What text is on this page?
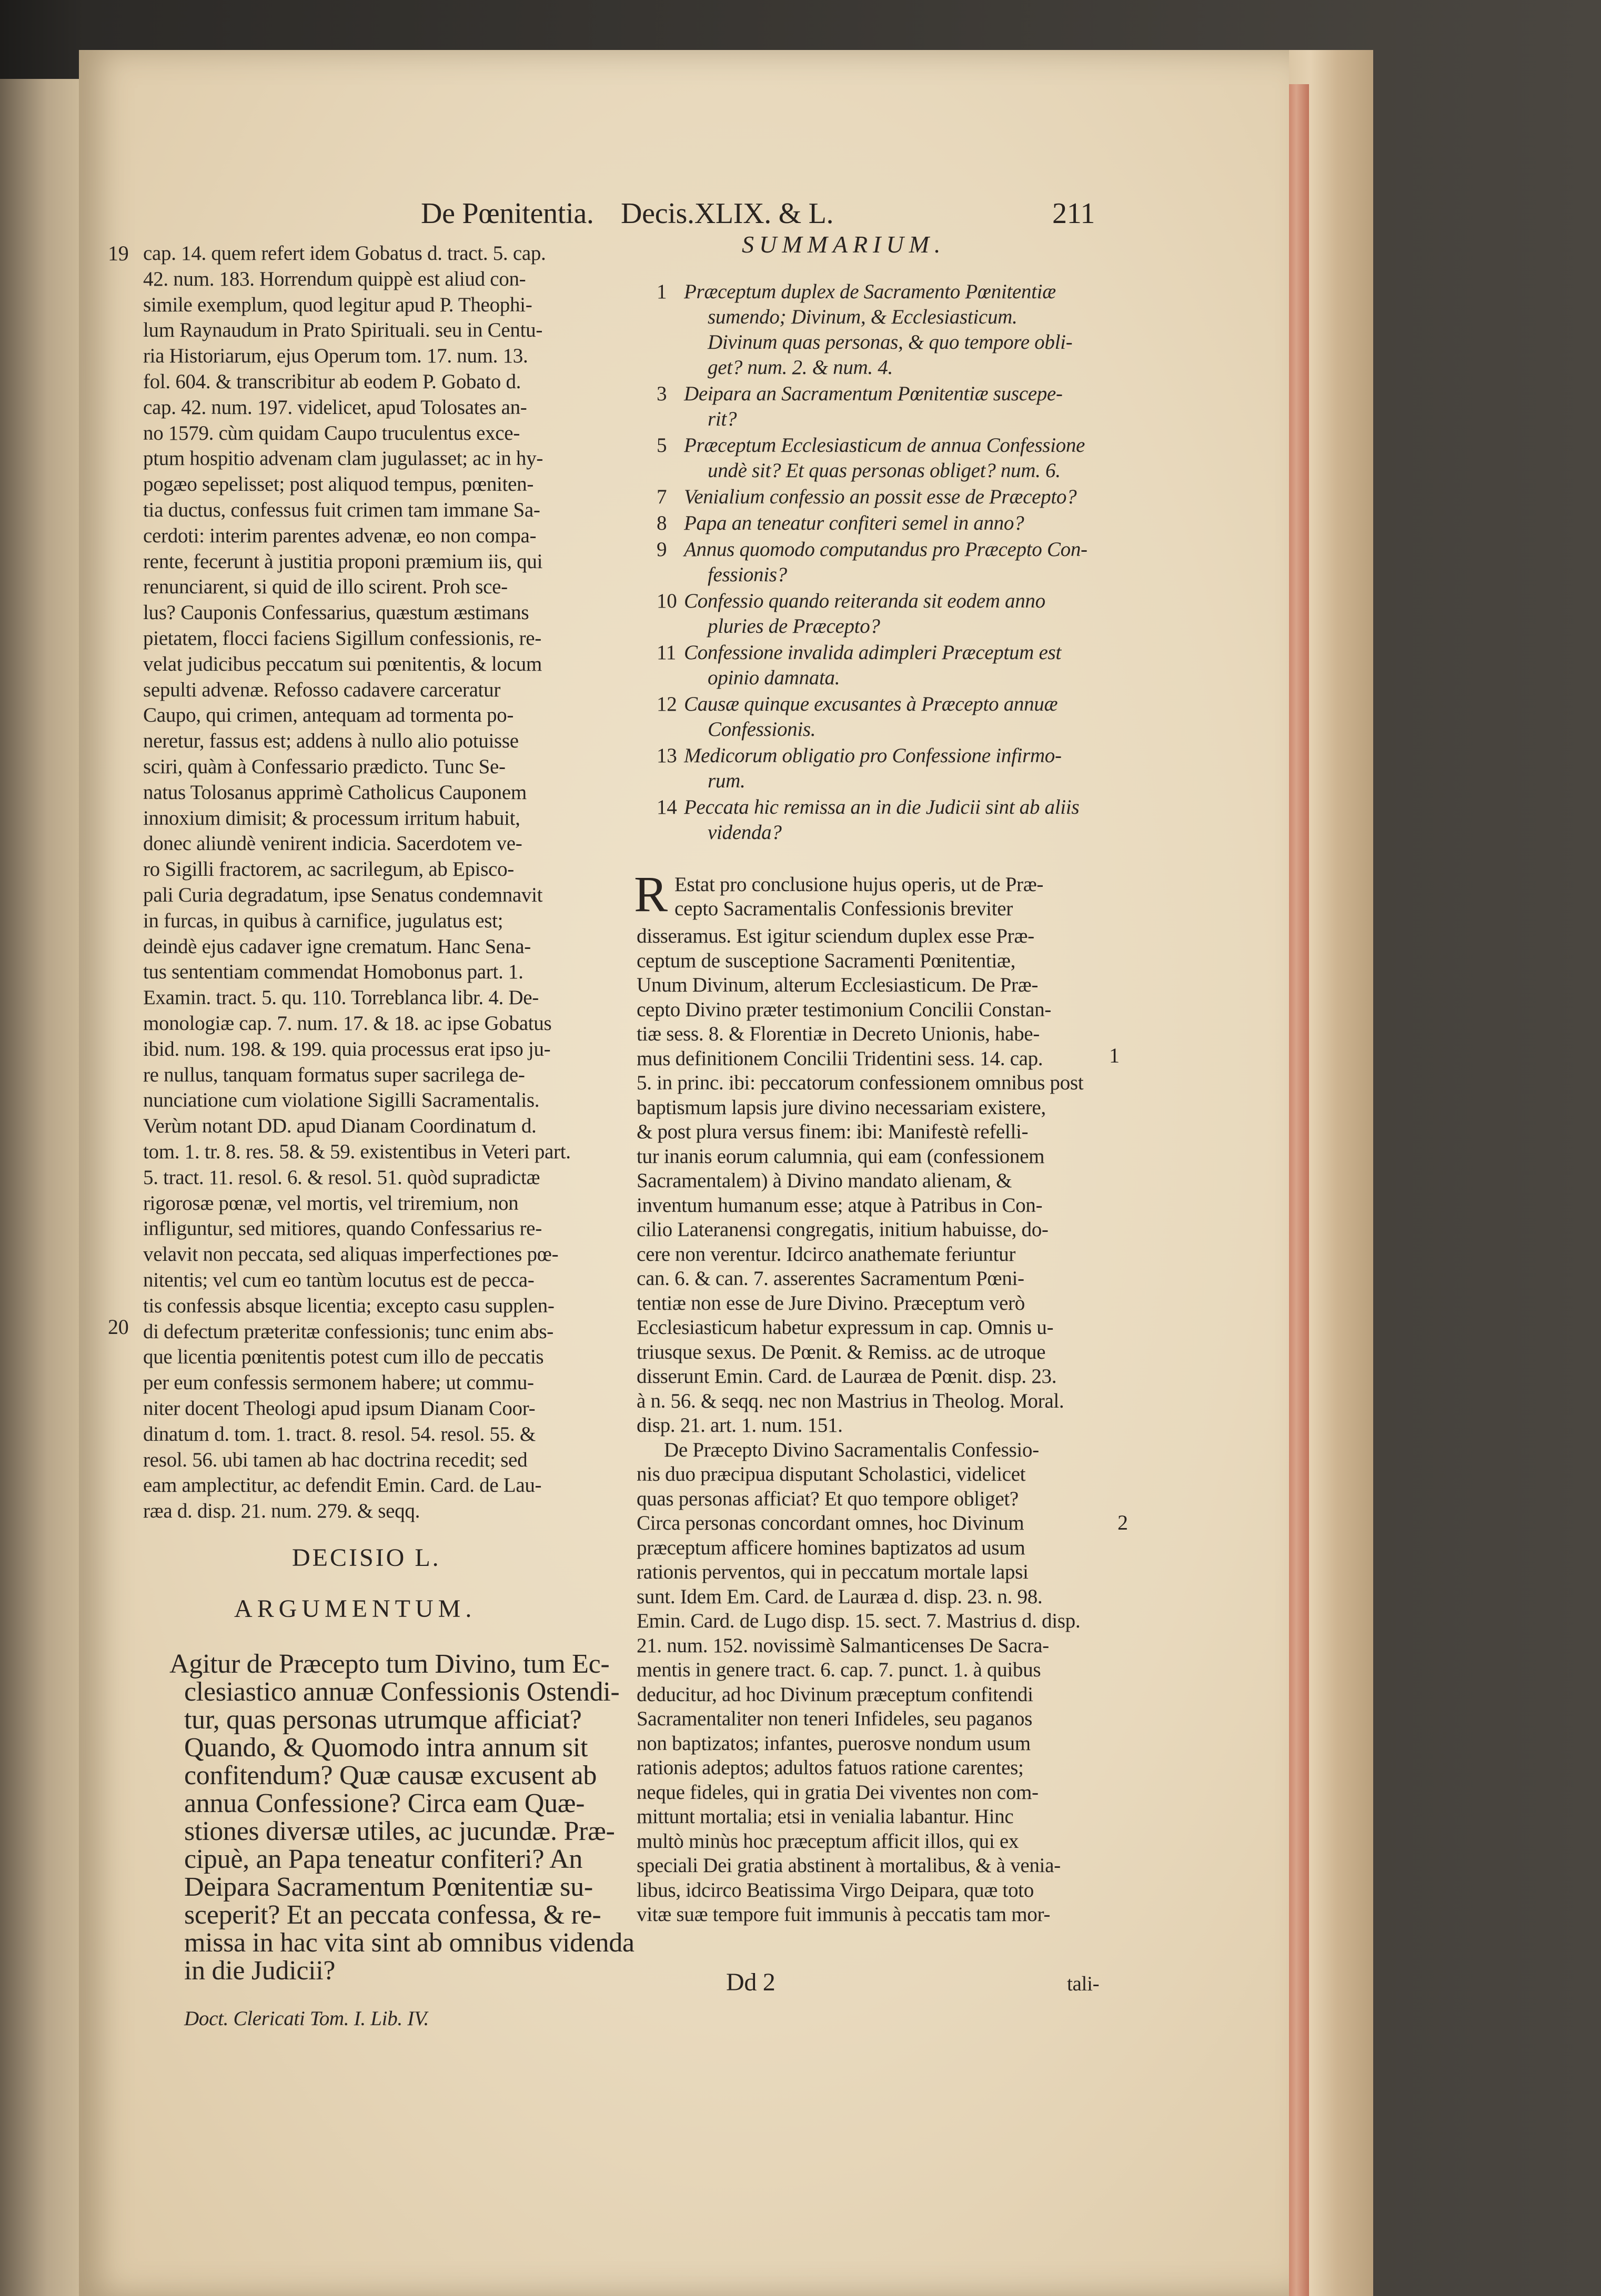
De Pœnitentia. Decis.XLIX. & L.	211
19
20
cap. 14. quem refert idem Gobatus d. tract. 5. cap.
42. num. 183. Horrendum quippè est aliud con-
simile exemplum, quod legitur apud P. Theophi-
lum Raynaudum in Prato Spirituali. seu in Centu-
ria Historiarum, ejus Operum tom. 17. num. 13.
fol. 604. & transcribitur ab eodem P. Gobato d.
cap. 42. num. 197. videlicet, apud Tolosates an-
no 1579. cùm quidam Caupo truculentus exce-
ptum hospitio advenam clam jugulasset; ac in hy-
pogæo sepelisset; post aliquod tempus, pœniten-
tia ductus, confessus fuit crimen tam immane Sa-
cerdoti: interim parentes advenæ, eo non compa-
rente, fecerunt à justitia proponi præmium iis, qui
renunciarent, si quid de illo scirent. Proh sce-
lus? Cauponis Confessarius, quæstum æstimans
pietatem, flocci faciens Sigillum confessionis, re-
velat judicibus peccatum sui pœnitentis, & locum
sepulti advenæ. Refosso cadavere carceratur
Caupo, qui crimen, antequam ad tormenta po-
neretur, fassus est; addens à nullo alio potuisse
sciri, quàm à Confessario prædicto. Tunc Se-
natus Tolosanus apprimè Catholicus Cauponem
innoxium dimisit; & processum irritum habuit,
donec aliundè venirent indicia. Sacerdotem ve-
ro Sigilli fractorem, ac sacrilegum, ab Episco-
pali Curia degradatum, ipse Senatus condemnavit
in furcas, in quibus à carnifice, jugulatus est;
deindè ejus cadaver igne crematum. Hanc Sena-
tus sententiam commendat Homobonus part. 1.
Examin. tract. 5. qu. 110. Torreblanca libr. 4. De-
monologiæ cap. 7. num. 17. & 18. ac ipse Gobatus
ibid. num. 198. & 199. quia processus erat ipso ju-
re nullus, tanquam formatus super sacrilega de-
nunciatione cum violatione Sigilli Sacramentalis.
Verùm notant DD. apud Dianam Coordinatum d.
tom. 1. tr. 8. res. 58. & 59. existentibus in Veteri part.
5. tract. 11. resol. 6. & resol. 51. quòd supradictæ
rigorosæ pœnæ, vel mortis, vel triremium, non
infliguntur, sed mitiores, quando Confessarius re-
velavit non peccata, sed aliquas imperfectiones pœ-
nitentis; vel cum eo tantùm locutus est de pecca-
tis confessis absque licentia; excepto casu supplen-
di defectum præteritæ confessionis; tunc enim abs-
que licentia pœnitentis potest cum illo de peccatis
per eum confessis sermonem habere; ut commu-
niter docent Theologi apud ipsum Dianam Coor-
dinatum d. tom. 1. tract. 8. resol. 54. resol. 55. &
resol. 56. ubi tamen ab hac doctrina recedit; sed
eam amplectitur, ac defendit Emin. Card. de Lau-
ræa d. disp. 21. num. 279. & seqq.
SUMMARIUM.
1 Præceptum duplex de Sacramento Pœnitentiæ
sumendo; Divinum, & Ecclesiasticum.
Divinum quas personas, & quo tempore obli-
get? num. 2. & num. 4.
3 Deipara an Sacramentum Pœnitentiæ suscepe-
rit?
5 Præceptum Ecclesiasticum de annua Confessione
undè sit? Et quas personas obliget? num. 6.
7 Venialium confessio an possit esse de Præcepto?
8 Papa an teneatur confiteri semel in anno?
9 Annus quomodo computandus pro Præcepto Con-
fessionis?
10 Confessio quando reiteranda sit eodem anno
pluries de Præcepto?
11 Confessione invalida adimpleri Præceptum est
opinio damnata.
12 Causæ quinque excusantes à Præcepto annuæ
Confessionis.
13 Medicorum obligatio pro Confessione infirmo-
rum.
14 Peccata hic remissa an in die Judicii sint ab aliis
videnda?
R Estat pro conclusione hujus operis, ut de Præ-
cepto Sacramentalis Confessionis breviter
disseramus. Est igitur sciendum duplex esse Præ-
ceptum de susceptione Sacramenti Pœnitentiæ,
Unum Divinum, alterum Ecclesiasticum. De Præ-
cepto Divino præter testimonium Concilii Constan-
tiæ sess. 8. & Florentiæ in Decreto Unionis, habe-
mus definitionem Concilii Tridentini sess. 14. cap.
5. in princ. ibi: peccatorum confessionem omnibus post
baptismum lapsis jure divino necessariam existere,
& post plura versus finem: ibi: Manifestè refelli-
tur inanis eorum calumnia, qui eam (confessionem
Sacramentalem) à Divino mandato alienam, &
inventum humanum esse; atque à Patribus in Con-
cilio Lateranensi congregatis, initium habuisse, do-
cere non verentur. Idcirco anathemate feriuntur
can. 6. & can. 7. asserentes Sacramentum Pœni-
tentiæ non esse de Jure Divino. Præceptum verò
Ecclesiasticum habetur expressum in cap. Omnis u-
triusque sexus. De Pœnit. & Remiss. ac de utroque
disserunt Emin. Card. de Lauræa de Pœnit. disp. 23.
à n. 56. & seqq. nec non Mastrius in Theolog. Moral.
disp. 21. art. 1. num. 151.
De Præcepto Divino Sacramentalis Confessio-
nis duo præcipua disputant Scholastici, videlicet
quas personas afficiat? Et quo tempore obliget?
Circa personas concordant omnes, hoc Divinum
præceptum afficere homines baptizatos ad usum
rationis perventos, qui in peccatum mortale lapsi
sunt. Idem Em. Card. de Lauræa d. disp. 23. n. 98.
Emin. Card. de Lugo disp. 15. sect. 7. Mastrius d. disp.
21. num. 152. novissimè Salmanticenses De Sacra-
mentis in genere tract. 6. cap. 7. punct. 1. à quibus
deducitur, ad hoc Divinum præceptum confitendi
Sacramentaliter non teneri Infideles, seu paganos
non baptizatos; infantes, puerosve nondum usum
rationis adeptos; adultos fatuos ratione carentes;
neque fideles, qui in gratia Dei viventes non com-
mittunt mortalia; etsi in venialia labantur. Hinc
multò minùs hoc præceptum afficit illos, qui ex
speciali Dei gratia abstinent à mortalibus, & à venia-
libus, idcirco Beatissima Virgo Deipara, quæ toto
vitæ suæ tempore fuit immunis à peccatis tam mor-
1
2
Dd 2	tali-
DECISIO L.
ARGUMENTUM.
Agitur de Præcepto tum Divino, tum Ec-
clesiastico annuæ Confessionis Ostendi-
tur, quas personas utrumque afficiat?
Quando, & Quomodo intra annum sit
confitendum? Quæ causæ excusent ab
annua Confessione? Circa eam Quæ-
stiones diversæ utiles, ac jucundæ. Præ-
cipuè, an Papa teneatur confiteri? An
Deipara Sacramentum Pœnitentiæ su-
sceperit? Et an peccata confessa, & re-
missa in hac vita sint ab omnibus videnda
in die Judicii?
Doct. Clericati Tom. I. Lib. IV.
